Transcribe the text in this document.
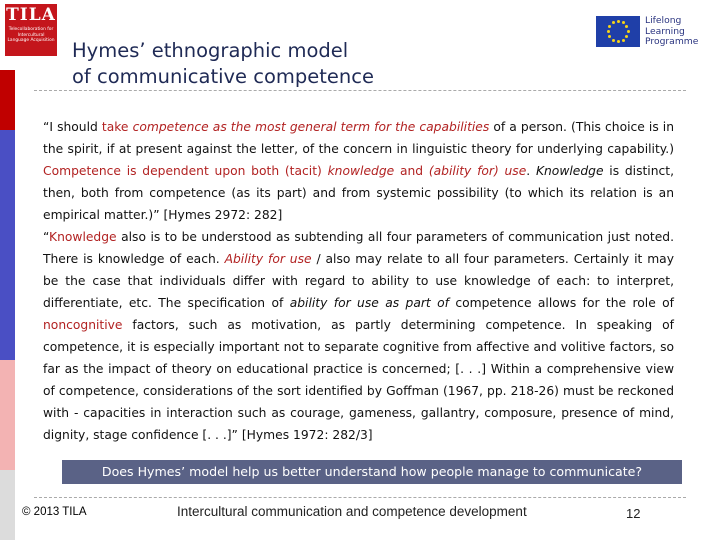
TILA
Telecollaboration for Intercultural Language Acquisition Hymes’ ethnographic model
of communicative competence
Lifelong
Learning
Programme

“I should take competence as the most general term for the capabilities of a person. (This choice is in the spirit, if at present against the letter, of the concern in linguistic theory for underlying capability.) Competence is dependent upon both (tacit) knowledge and (ability for) use. Knowledge is distinct, then, both from competence (as its part) and from systemic possibility (to which its relation is an empirical matter.)” [Hymes 2972: 282]

“Knowledge also is to be understood as subtending all four parameters of communication just noted. There is knowledge of each. Ability for use / also may relate to all four parameters. Certainly it may be the case that individuals differ with regard to ability to use knowledge of each: to interpret, differentiate, etc. The specification of ability for use as part of competence allows for the role of noncognitive factors, such as motivation, as partly determining competence. In speaking of competence, it is especially important not to separate cognitive from affective and volitive factors, so far as the impact of theory on educational practice is concerned; [. . .] Within a comprehensive view of competence, considerations of the sort identified by Goffman (1967, pp. 218-26) must be reckoned with - capacities in interaction such as courage, gameness, gallantry, composure, presence of mind, dignity, stage confidence [. . .]” [Hymes 1972: 282/3]

Does Hymes’ model help us better understand how people manage to communicate?
© 2013 TILA	Intercultural communication and competence development	12
